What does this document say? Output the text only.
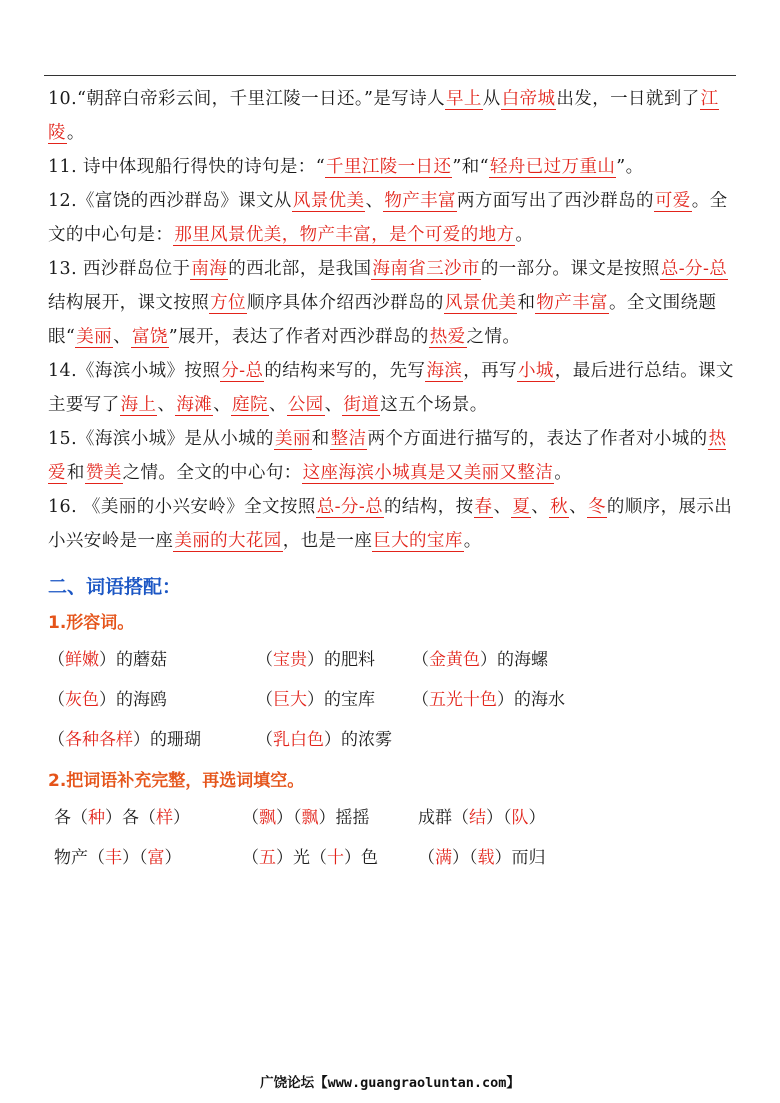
10.“朝辞白帝彩云间，千里江陵一日还。”是写诗人早上从白帝城出发，一日就到了江陵。
11. 诗中体现船行得快的诗句是：“千里江陵一日还”和“轻舟已过万重山”。
12.《富饶的西沙群岛》课文从风景优美、物产丰富两方面写出了西沙群岛的可爱。全文的中心句是：那里风景优美，物产丰富，是个可爱的地方。
13. 西沙群岛位于南海的西北部，是我国海南省三沙市的一部分。课文是按照总-分-总结构展开，课文按照方位顺序具体介绍西沙群岛的风景优美和物产丰富。全文围绕题眼“美丽、富饶”展开，表达了作者对西沙群岛的热爱之情。
14.《海滨小城》按照分-总的结构来写的，先写海滨，再写小城，最后进行总结。课文主要写了海上、海滩、庭院、公园、街道这五个场景。
15.《海滨小城》是从小城的美丽和整洁两个方面进行描写的，表达了作者对小城的热爱和赞美之情。全文的中心句：这座海滨小城真是又美丽又整洁。
16. 《美丽的小兴安岭》全文按照总-分-总的结构，按春、夏、秋、冬的顺序，展示出小兴安岭是一座美丽的大花园，也是一座巨大的宝库。
二、词语搭配：
1.形容词。
（鲜嫩）的蘑菇	（宝贵）的肥料	（金黄色）的海螺
（灰色）的海鸥	（巨大）的宝库	（五光十色）的海水
（各种各样）的珊瑚	（乳白色）的浓雾
2.把词语补充完整，再选词填空。
各（种）各（样）	（飘）（飘）摇摇	成群（结）（队）
物产（丰）（富）	（五）光（十）色	（满）（载）而归
广饶论坛【www.guangraoluntan.com】
